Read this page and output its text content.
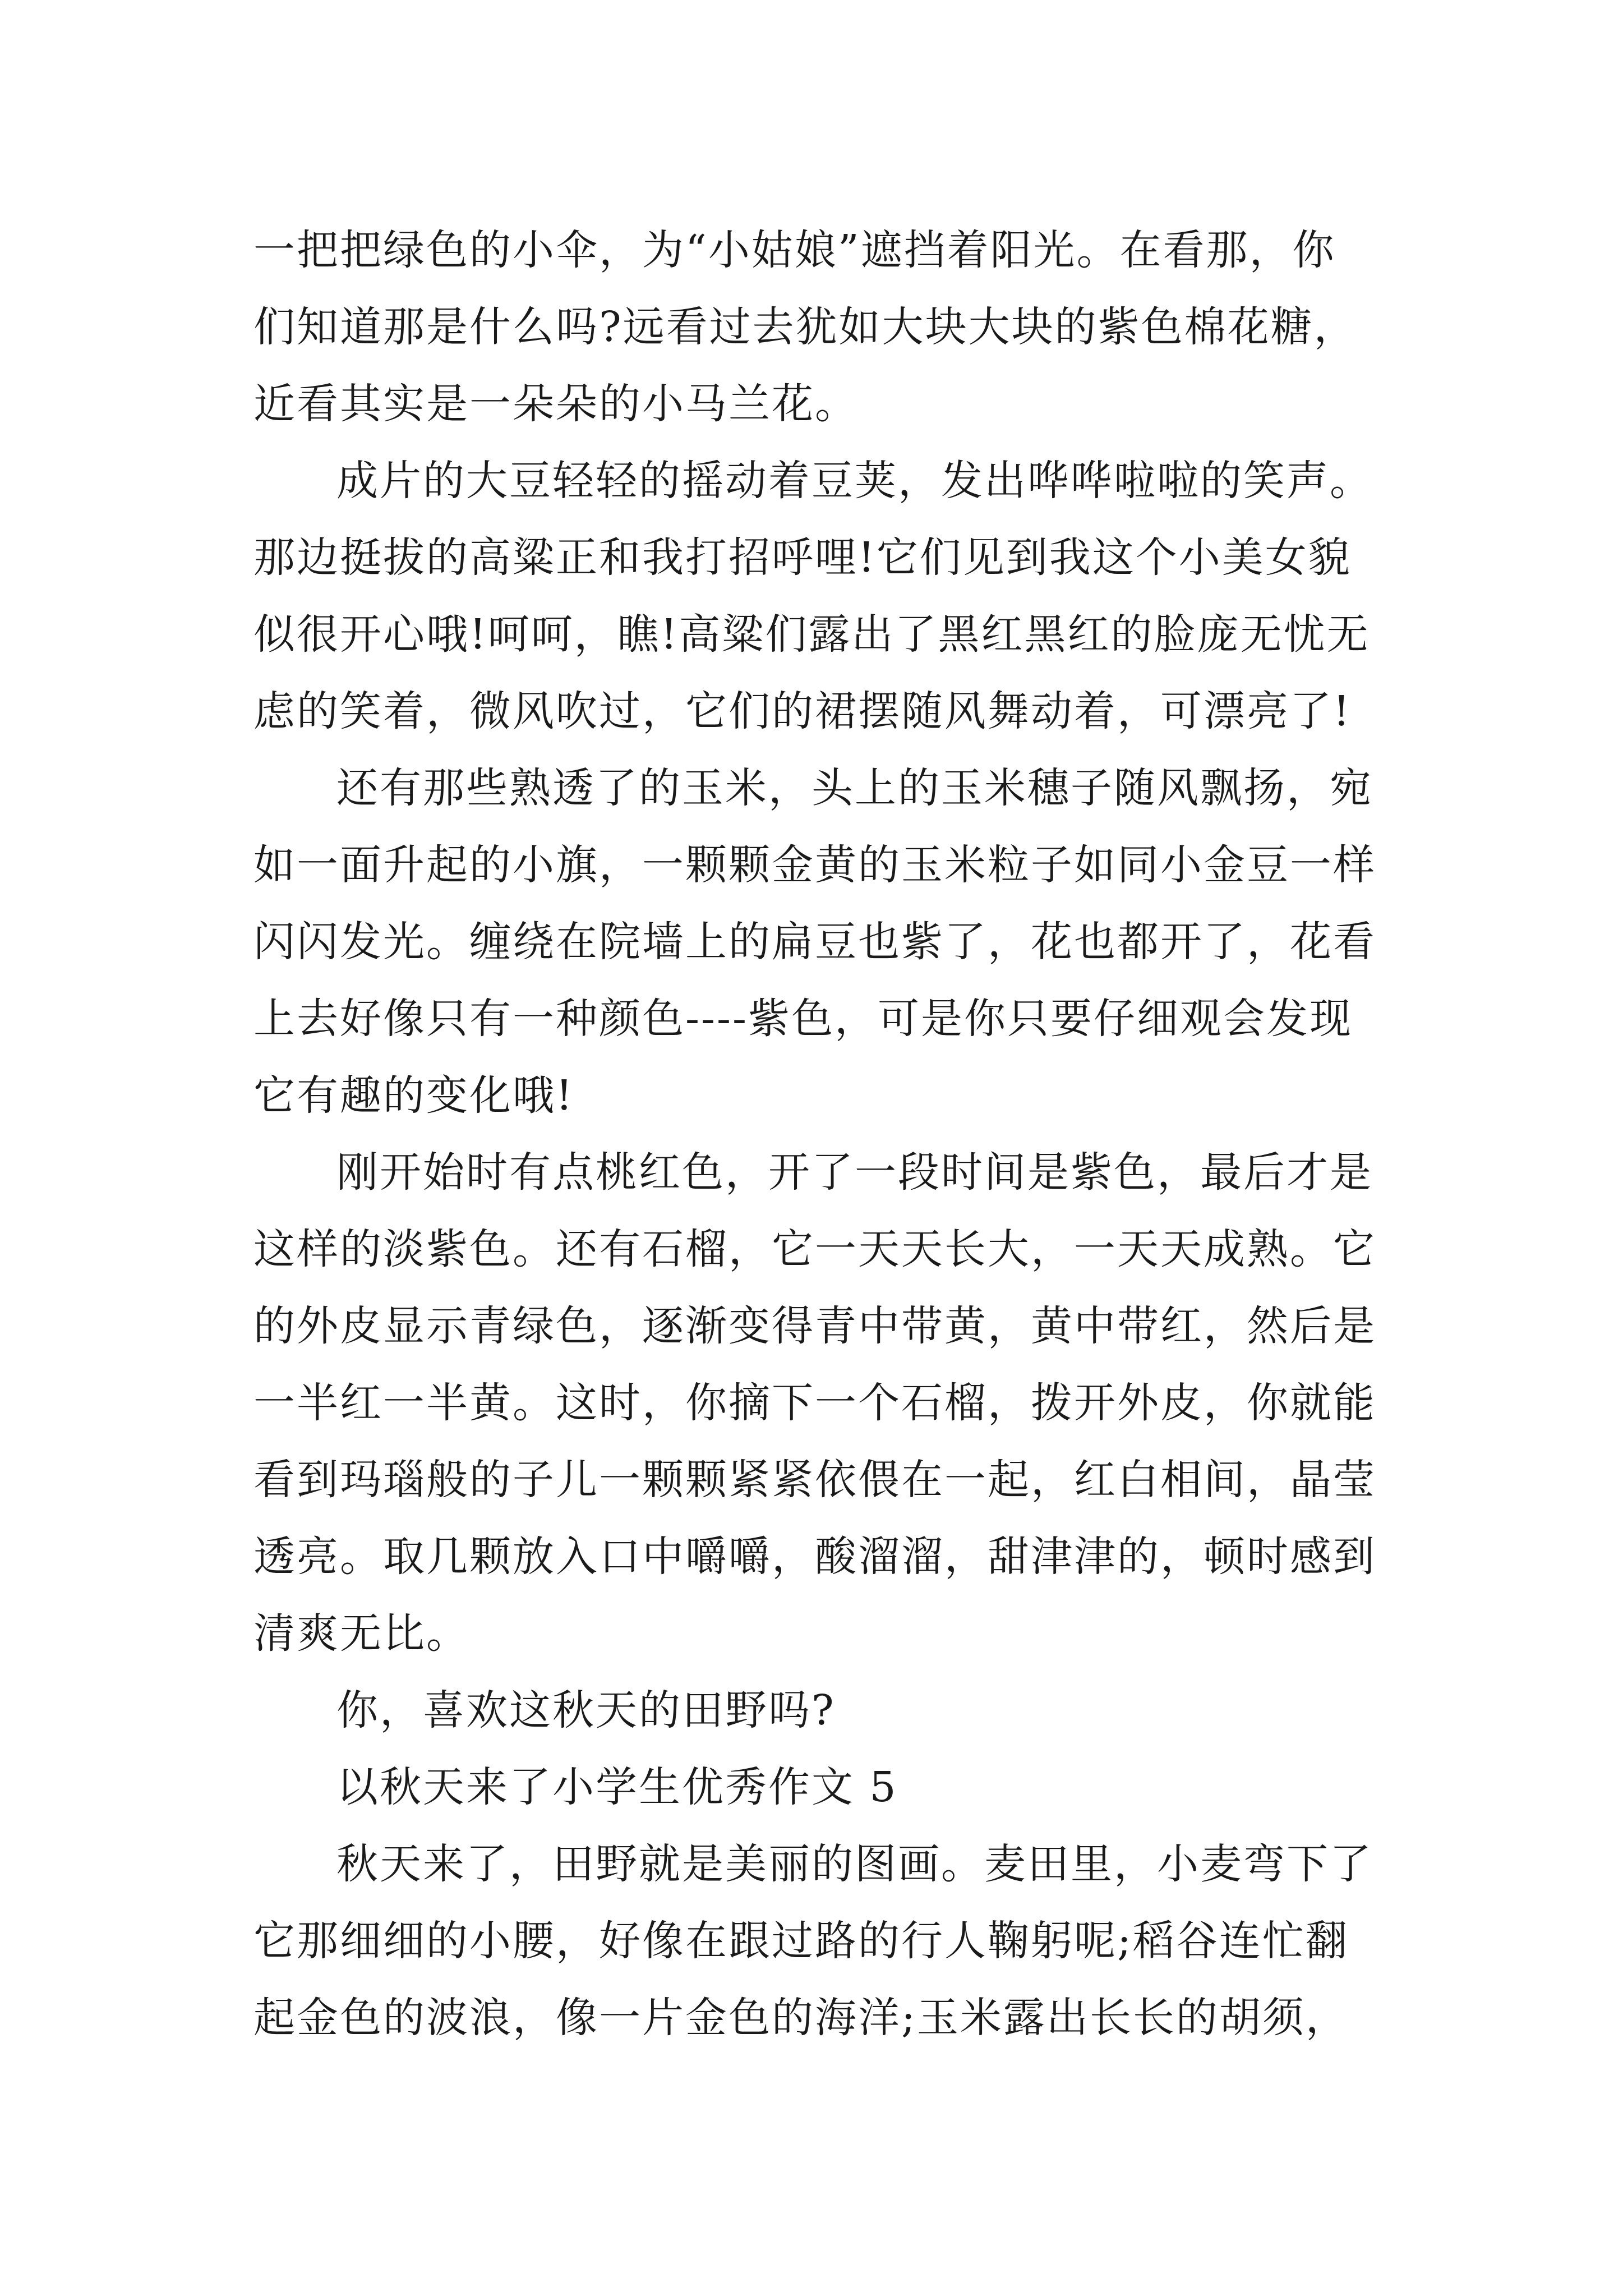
一把把绿色的小伞，为“小姑娘”遮挡着阳光。在看那，你
们知道那是什么吗?远看过去犹如大块大块的紫色棉花糖，
近看其实是一朵朵的小马兰花。
成片的大豆轻轻的摇动着豆荚，发出哗哗啦啦的笑声。
那边挺拔的高粱正和我打招呼哩!它们见到我这个小美女貌
似很开心哦!呵呵，瞧!高粱们露出了黑红黑红的脸庞无忧无
虑的笑着，微风吹过，它们的裙摆随风舞动着，可漂亮了!
还有那些熟透了的玉米，头上的玉米穗子随风飘扬，宛
如一面升起的小旗，一颗颗金黄的玉米粒子如同小金豆一样
闪闪发光。缠绕在院墙上的扁豆也紫了，花也都开了，花看
上去好像只有一种颜色----紫色，可是你只要仔细观会发现
它有趣的变化哦!
刚开始时有点桃红色，开了一段时间是紫色，最后才是
这样的淡紫色。还有石榴，它一天天长大，一天天成熟。它
的外皮显示青绿色，逐渐变得青中带黄，黄中带红，然后是
一半红一半黄。这时，你摘下一个石榴，拨开外皮，你就能
看到玛瑙般的子儿一颗颗紧紧依偎在一起，红白相间，晶莹
透亮。取几颗放入口中嚼嚼，酸溜溜，甜津津的，顿时感到
清爽无比。
你，喜欢这秋天的田野吗?
以秋天来了小学生优秀作文 5
秋天来了，田野就是美丽的图画。麦田里，小麦弯下了
它那细细的小腰，好像在跟过路的行人鞠躬呢;稻谷连忙翻
起金色的波浪，像一片金色的海洋;玉米露出长长的胡须，
